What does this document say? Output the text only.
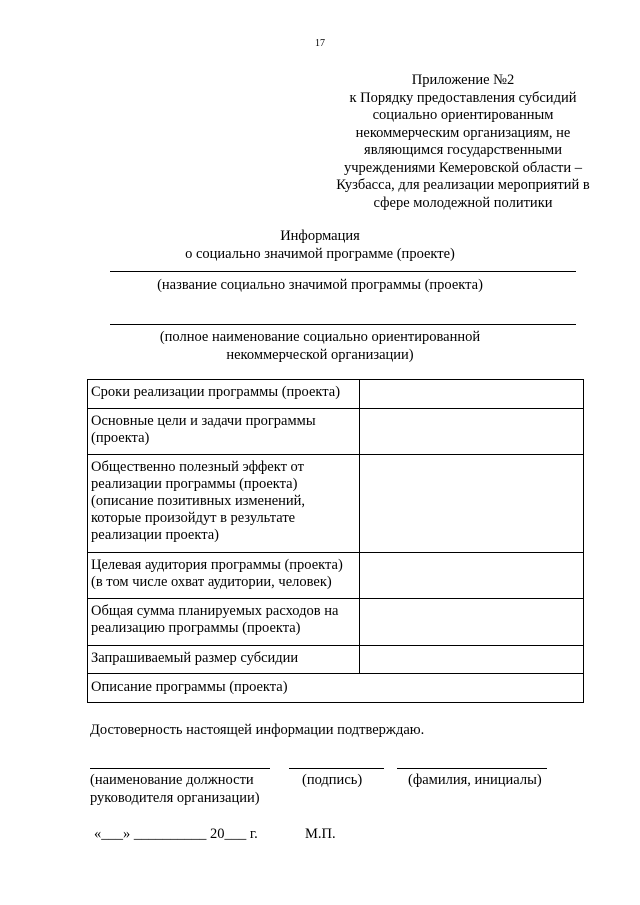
17
Приложение №2
к Порядку предоставления субсидий
социально ориентированным
некоммерческим организациям, не
являющимся государственными
учреждениями Кемеровской области –
Кузбасса, для реализации мероприятий в
сфере молодежной политики
Информация
о социально значимой программе (проекте)
(название социально значимой программы (проекта)
(полное наименование социально ориентированной
некоммерческой организации)
Сроки реализации программы (проекта)	
Основные цели и задачи программы (проекта)	
Общественно полезный эффект от реализации программы (проекта) (описание позитивных изменений, которые произойдут в результате реализации проекта)	
Целевая аудитория программы (проекта) (в том числе охват аудитории, человек)	
Общая сумма планируемых расходов на реализацию программы (проекта)	
Запрашиваемый размер субсидии	
Описание программы (проекта)	
Достоверность настоящей информации подтверждаю.
(наименование должности
руководителя организации)
(подпись)	(фамилия, инициалы)
«___» __________ 20___ г.	М.П.
